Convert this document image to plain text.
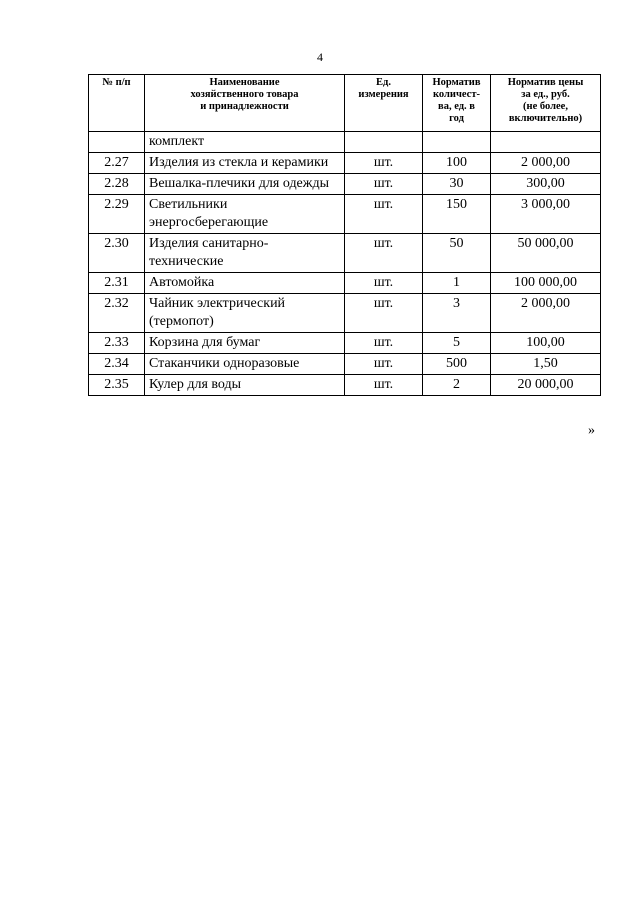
4
№ п/п	Наименование
хозяйственного товара
и принадлежности	Ед.
измерения	Норматив
количест-
ва, ед. в
год	Норматив цены
за ед., руб.
(не более,
включительно)
	комплект			
2.27	Изделия из стекла и керамики	шт.	100	2 000,00
2.28	Вешалка-плечики для одежды	шт.	30	300,00
2.29	Светильники
энергосберегающие	шт.	150	3 000,00
2.30	Изделия санитарно-
технические	шт.	50	50 000,00
2.31	Автомойка	шт.	1	100 000,00
2.32	Чайник электрический
(термопот)	шт.	3	2 000,00
2.33	Корзина для бумаг	шт.	5	100,00
2.34	Стаканчики одноразовые	шт.	500	1,50
2.35	Кулер для воды	шт.	2	20 000,00
»
